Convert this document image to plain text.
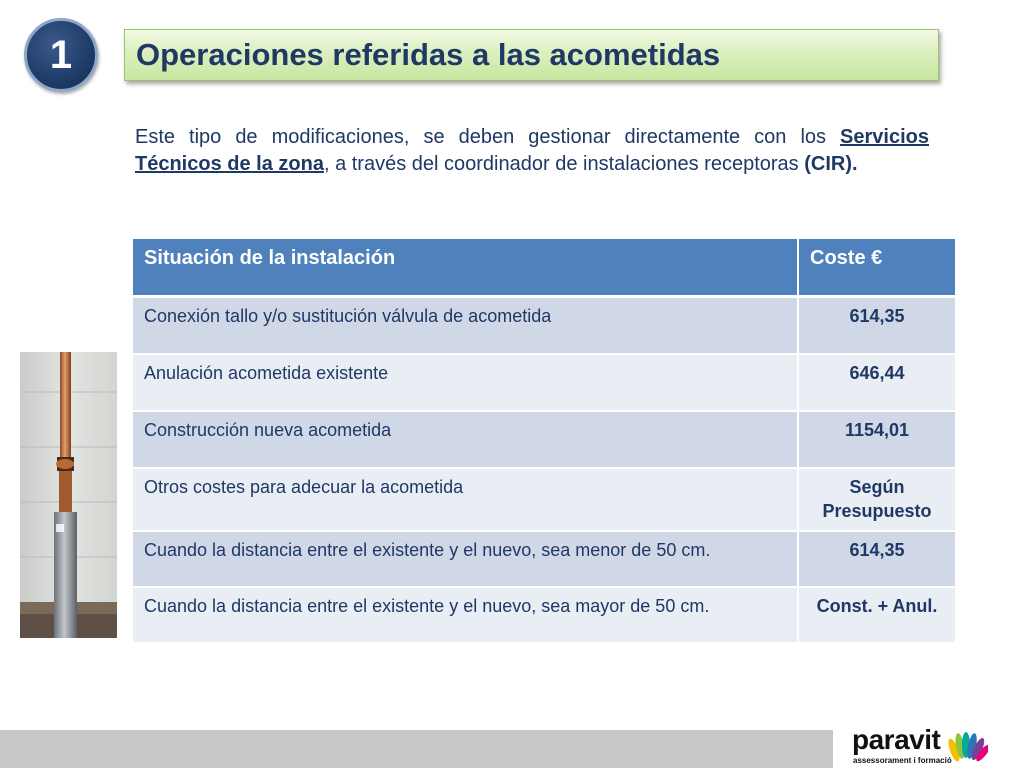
1 Operaciones referidas a las acometidas
Este tipo de modificaciones, se deben gestionar directamente con los Servicios Técnicos de la zona, a través del coordinador de instalaciones receptoras (CIR).
Situación de la instalación	Coste €
Conexión tallo y/o sustitución válvula de acometida	614,35
Anulación acometida existente	646,44
Construcción nueva acometida	1154,01
Otros costes para adecuar la acometida	Según Presupuesto
Cuando la distancia entre el existente y el nuevo, sea menor de 50 cm.	614,35
Cuando la distancia entre el existente y el nuevo, sea mayor de 50 cm.	Const. + Anul.
paravit
assessorament i formació
